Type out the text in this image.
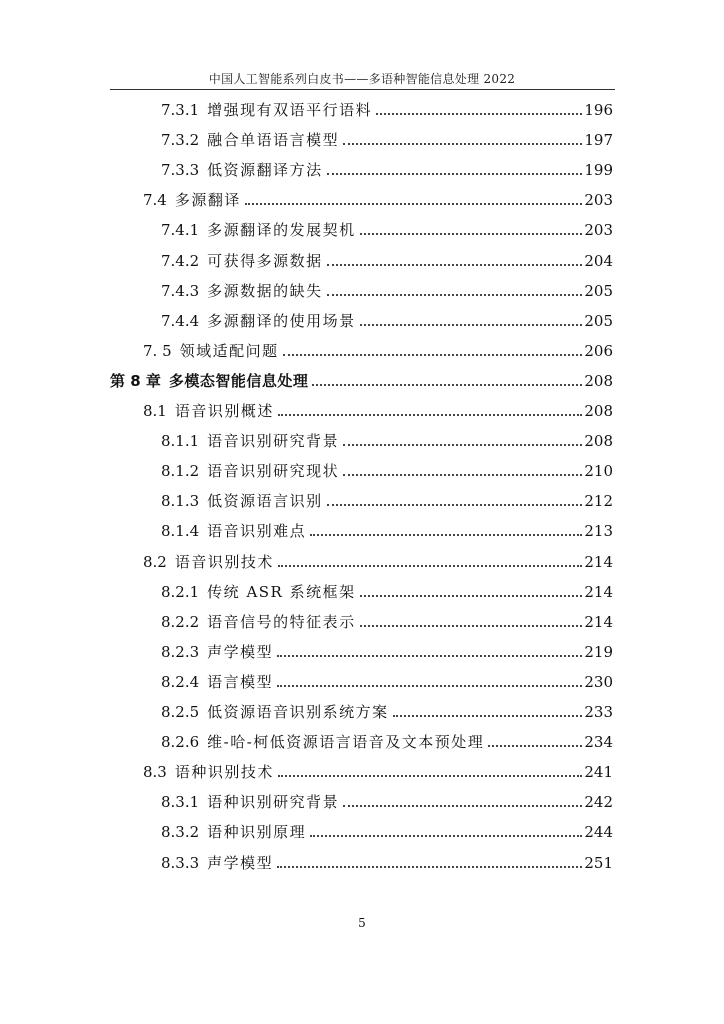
中国人工智能系列白皮书——多语种智能信息处理 2022
7.3.1 增强现有双语平行语料	196
7.3.2 融合单语语言模型	197
7.3.3 低资源翻译方法	199
7.4 多源翻译	203
7.4.1 多源翻译的发展契机	203
7.4.2 可获得多源数据	204
7.4.3 多源数据的缺失	205
7.4.4 多源翻译的使用场景	205
7. 5 领域适配问题	206
第 8 章 多模态智能信息处理	208
8.1 语音识别概述	208
8.1.1 语音识别研究背景	208
8.1.2 语音识别研究现状	210
8.1.3 低资源语言识别	212
8.1.4 语音识别难点	213
8.2 语音识别技术	214
8.2.1 传统 ASR 系统框架	214
8.2.2 语音信号的特征表示	214
8.2.3 声学模型	219
8.2.4 语言模型	230
8.2.5 低资源语音识别系统方案	233
8.2.6 维-哈-柯低资源语言语音及文本预处理	234
8.3 语种识别技术	241
8.3.1 语种识别研究背景	242
8.3.2 语种识别原理	244
8.3.3 声学模型	251
5
